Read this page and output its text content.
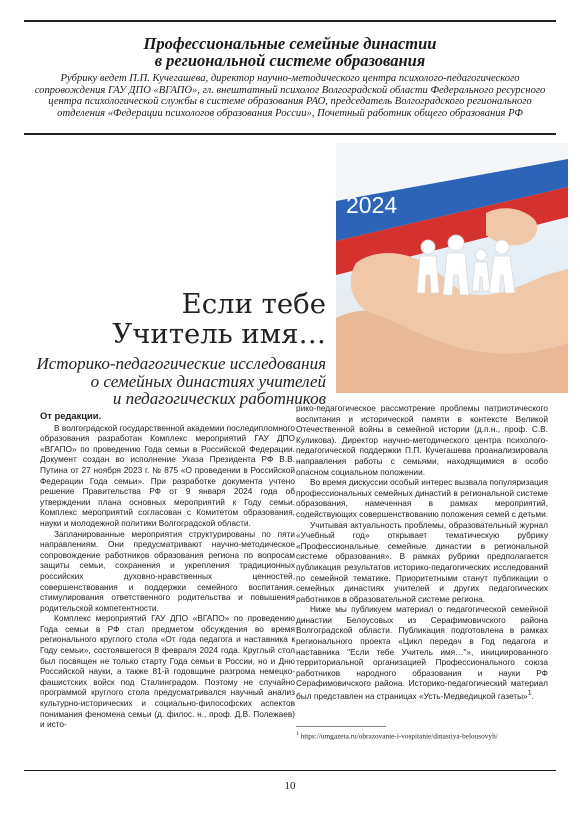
Профессиональные семейные династии
в региональной системе образования
Рубрику ведет П.П. Кучегашева, директор научно-методического центра психолого-педагогического сопровождения ГАУ ДПО «ВГАПО», гл. внештатный психолог Волгоградской области Федерального ресурсного центра психологической службы в системе образования РАО, председатель Волгоградского регионального отделения «Федерации психологов образования России», Почетный работник общего образования РФ
2024
Если тебе
Учитель имя…
Историко-педагогические исследования
о семейных династиях учителей
и педагогических работников

От редакции.

В волгоградской государственной академии последипломного образования разработан Комплекс мероприятий ГАУ ДПО «ВГАПО» по проведению Года семьи в Российской Федерации. Документ создан во исполнение Указа Президента РФ В.В. Путина от 27 ноября 2023 г. № 875 «О проведении в Российской Федерации Года семьи». При разработке документа учтено решение Правительства РФ от 9 января 2024 года об утверждении плана основных мероприятий к Году семьи. Комплекс мероприятий согласован с Комитетом образования, науки и молодежной политики Волгоградской области.

Запланированные мероприятия структурированы по пяти направлениям. Они предусматривают научно-методическое сопровождение работников образования региона по вопросам защиты семьи, сохранения и укрепления традиционных российских духовно-нравственных ценностей, совершенствования и поддержки семейного воспитания, стимулирования ответственного родительства и повышения родительской компетентности.

Комплекс мероприятий ГАУ ДПО «ВГАПО» по проведению Года семьи в РФ стал предметом обсуждения во время регионального круглого стола «От года педагога и наставника к Году семьи», состоявшегося 8 февраля 2024 года. Круглый стол был посвящен не только старту Года семьи в России, но и Дню Российской науки, а также 81-й годовщине разгрома немецко-фашистских войск под Сталинградом. Поэтому не случайно программой круглого стола предусматривался научный анализ культурно-исторических и социально-философских аспектов понимания феномена семьи (д. филос. н., проф. Д.В. Полежаев) и исто-

рико-педагогическое рассмотрение проблемы патриотического воспитания и исторической памяти в контексте Великой Отечественной войны в семейной истории (д.п.н., проф. С.В. Куликова). Директор научно-методического центра психолого-педагогической поддержки П.П. Кучегашева проанализировала направления работы с семьями, находящимися в особо опасном социальном положении.

Во время дискуссии особый интерес вызвала популяризация профессиональных семейных династий в региональной системе образования, намеченная в рамках мероприятий, содействующих совершенствованию положения семей с детьми.

Учитывая актуальность проблемы, образовательный журнал «Учебный год» открывает тематическую рубрику «Профессиональные семейные династии в региональной системе образования». В рамках рубрики предполагается публикация результатов историко-педагогических исследований по семейной тематике. Приоритетными станут публикации о семейных династиях учителей и других педагогических работников в образовательной системе региона.

Ниже мы публикуем материал о педагогической семейной династии Белоусовых из Серафимовичского района Волгоградской области. Публикация подготовлена в рамках регионального проекта «Цикл передач в Год педагога и наставника "Если тебе Учитель имя…"», инициированного территориальной организацией Профессионального союза работников народного образования и науки РФ Серафимовичского района. Историко-педагогический материал был представлен на страницах «Усть-Медведицкой газеты»$^1$.

$^1$ https://umgazeta.ru/obrazovanie-i-vospitanie/dinastiya-belousovyh/
10
